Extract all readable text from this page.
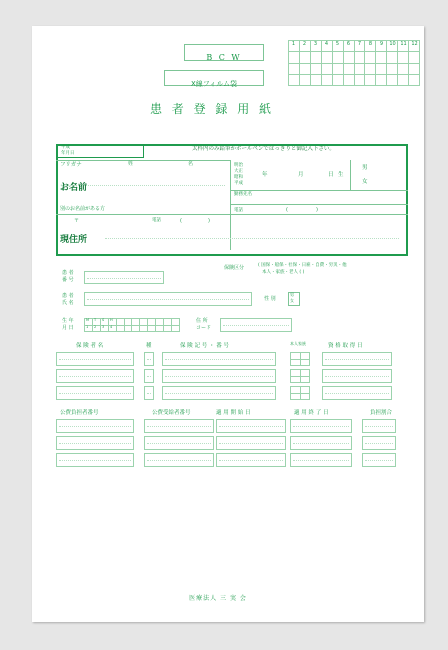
B C W
X線フィルム袋
患 者 登 録 用 紙
1	2	3	4	5	6	7	8	9	10 11 12
太枠内のみ鉛筆かボールペンではっきりと御記入下さい。
平成
年月日
フリガナ	姓	名
お名前
別のお名前がある方
明治
大正
昭和
平成
年	月	日 生
男
女
勤務先名
電話	(	)
〒	電話	(	)
現住所
患 者
番 号
保険区分	( 国保・船保・社保・日雇・自費・労災・他
本人・家族・老人 ( )
患 者
氏 名
性 別
男
女
生 年
月 日
M T S H
1 2 3 4
住 所
コード
保 険 者 名	種	保 険 記 号 ・ 番 号	本人家族	資 格 取 得 日
公費負担者番号	公費受給者番号	適 用 開 始 日	適 用 終 了 日	負担割合
医療法人 三 実 会
